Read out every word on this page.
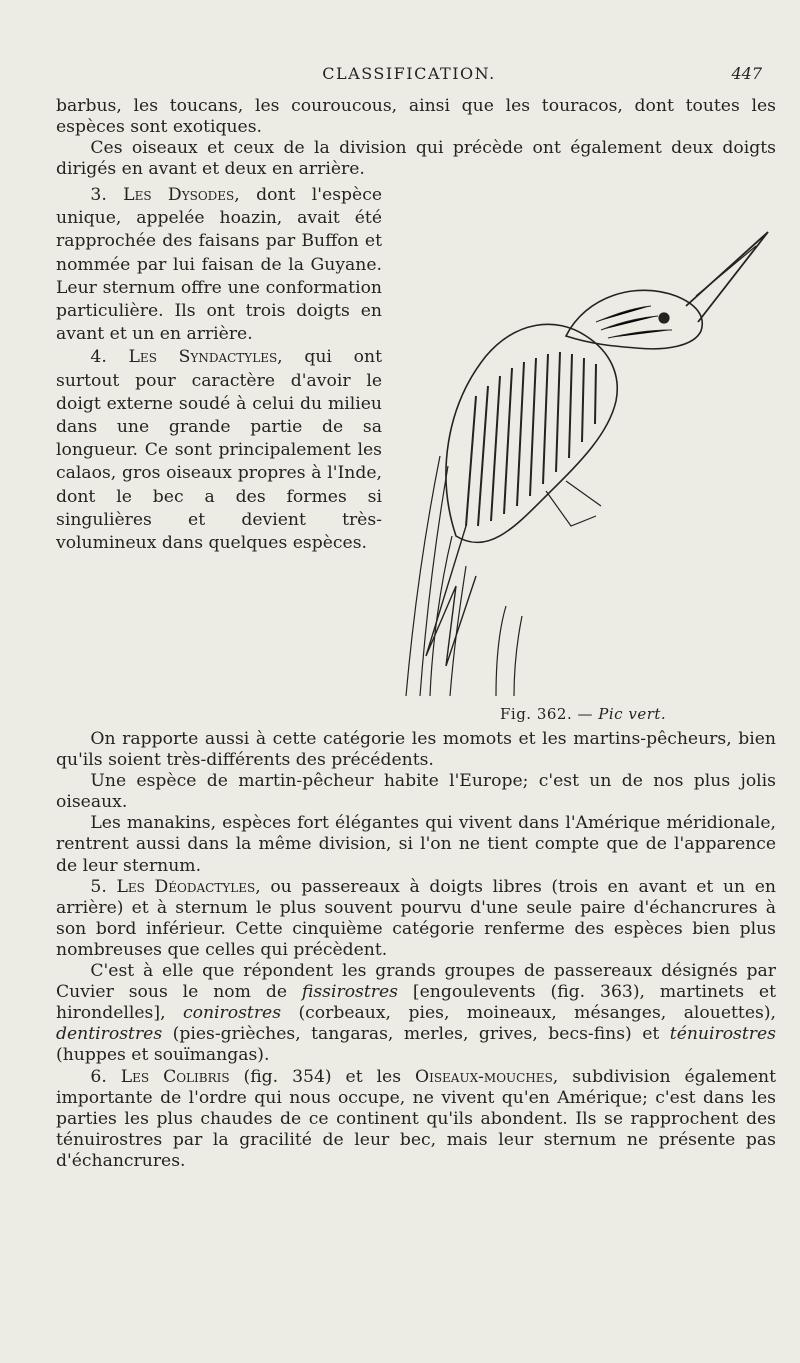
CLASSIFICATION.	447

barbus, les toucans, les couroucous, ainsi que les touracos, dont toutes les espèces sont exotiques.

Ces oiseaux et ceux de la division qui précède ont également deux doigts dirigés en avant et deux en arrière.

3. Les Dysodes, dont l'espèce unique, appelée hoazin, avait été rapprochée des faisans par Buffon et nommée par lui faisan de la Guyane. Leur sternum offre une conformation particulière. Ils ont trois doigts en avant et un en arrière.

4. Les Syndactyles, qui ont surtout pour caractère d'avoir le doigt externe soudé à celui du milieu dans une grande partie de sa longueur. Ce sont principalement les calaos, gros oiseaux propres à l'Inde, dont le bec a des formes si singulières et devient très-volumineux dans quelques espèces.

Fig. 362. — Pic vert.

On rapporte aussi à cette catégorie les momots et les martins-pêcheurs, bien qu'ils soient très-différents des précédents.

Une espèce de martin-pêcheur habite l'Europe; c'est un de nos plus jolis oiseaux.

Les manakins, espèces fort élégantes qui vivent dans l'Amérique méridionale, rentrent aussi dans la même division, si l'on ne tient compte que de l'apparence de leur sternum.

5. Les Déodactyles, ou passereaux à doigts libres (trois en avant et un en arrière) et à sternum le plus souvent pourvu d'une seule paire d'échancrures à son bord inférieur. Cette cinquième catégorie renferme des espèces bien plus nombreuses que celles qui précèdent.

C'est à elle que répondent les grands groupes de passereaux désignés par Cuvier sous le nom de fissirostres [engoulevents (fig. 363), martinets et hirondelles], conirostres (corbeaux, pies, moineaux, mésanges, alouettes), dentirostres (pies-grièches, tangaras, merles, grives, becs-fins) et ténuirostres (huppes et souïmangas).

6. Les Colibris (fig. 354) et les Oiseaux-mouches, subdivision également importante de l'ordre qui nous occupe, ne vivent qu'en Amérique; c'est dans les parties les plus chaudes de ce continent qu'ils abondent. Ils se rapprochent des ténuirostres par la gracilité de leur bec, mais leur sternum ne présente pas d'échancrures.
